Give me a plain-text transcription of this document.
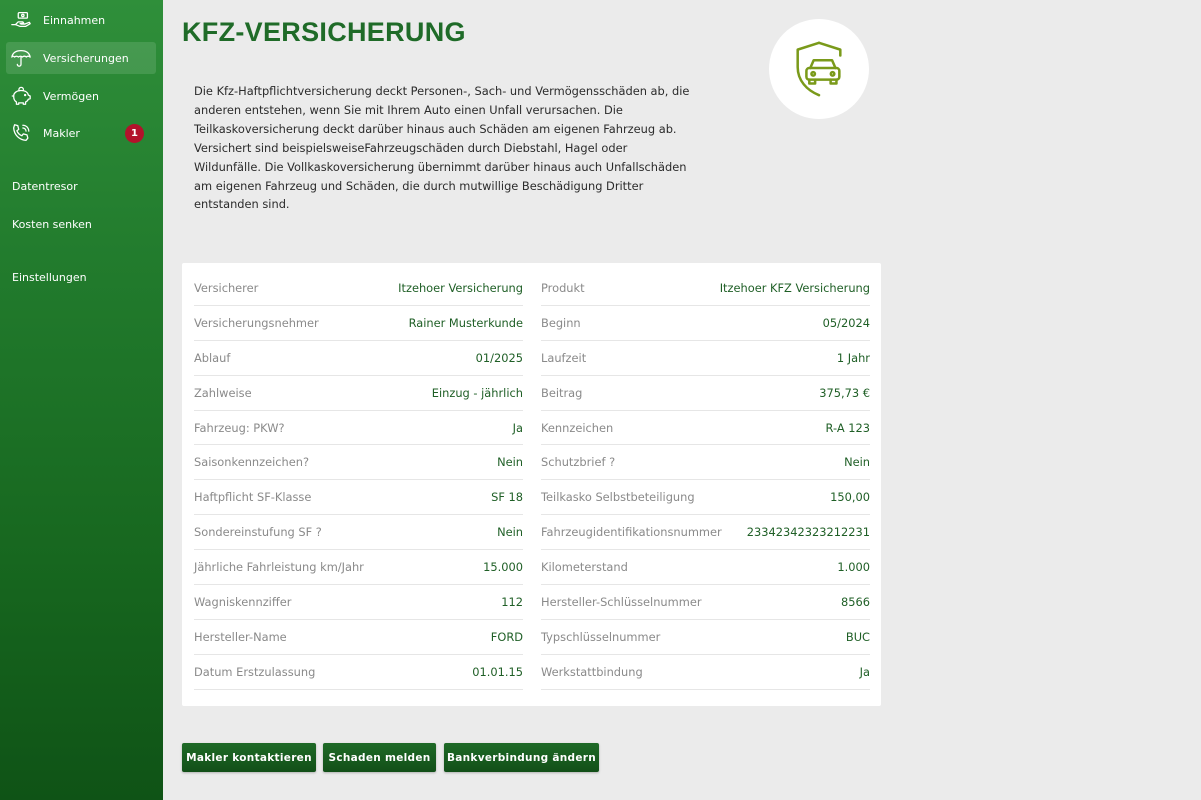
Einnahmen
Versicherungen
Vermögen
Makler	1
Datentresor
Kosten senken
Einstellungen
KFZ-VERSICHERUNG

Die Kfz-Haftpflichtversicherung deckt Personen-, Sach- und Vermögensschäden ab, die anderen entstehen, wenn Sie mit Ihrem Auto einen Unfall verursachen. Die Teilkaskoversicherung deckt darüber hinaus auch Schäden am eigenen Fahrzeug ab. Versichert sind beispielsweiseFahrzeugschäden durch Diebstahl, Hagel oder Wildunfälle. Die Vollkaskoversicherung übernimmt darüber hinaus auch Unfallschäden am eigenen Fahrzeug und Schäden, die durch mutwillige Beschädigung Dritter entstanden sind.

Versicherer	Itzehoer Versicherung
Versicherungsnehmer	Rainer Musterkunde
Ablauf	01/2025
Zahlweise	Einzug - jährlich
Fahrzeug: PKW?	Ja
Saisonkennzeichen?	Nein
Haftpflicht SF-Klasse	SF 18
Sondereinstufung SF ?	Nein
Jährliche Fahrleistung km/Jahr	15.000
Wagniskennziffer	112
Hersteller-Name	FORD
Datum Erstzulassung	01.01.15
Produkt	Itzehoer KFZ Versicherung
Beginn	05/2024
Laufzeit	1 Jahr
Beitrag	375,73 €
Kennzeichen	R-A 123
Schutzbrief ?	Nein
Teilkasko Selbstbeteiligung	150,00
Fahrzeugidentifikationsnummer 23342342323212231
Kilometerstand	1.000
Hersteller-Schlüsselnummer	8566
Typschlüsselnummer	BUC
Werkstattbindung	Ja
Makler kontaktieren	Schaden melden	Bankverbindung ändern
